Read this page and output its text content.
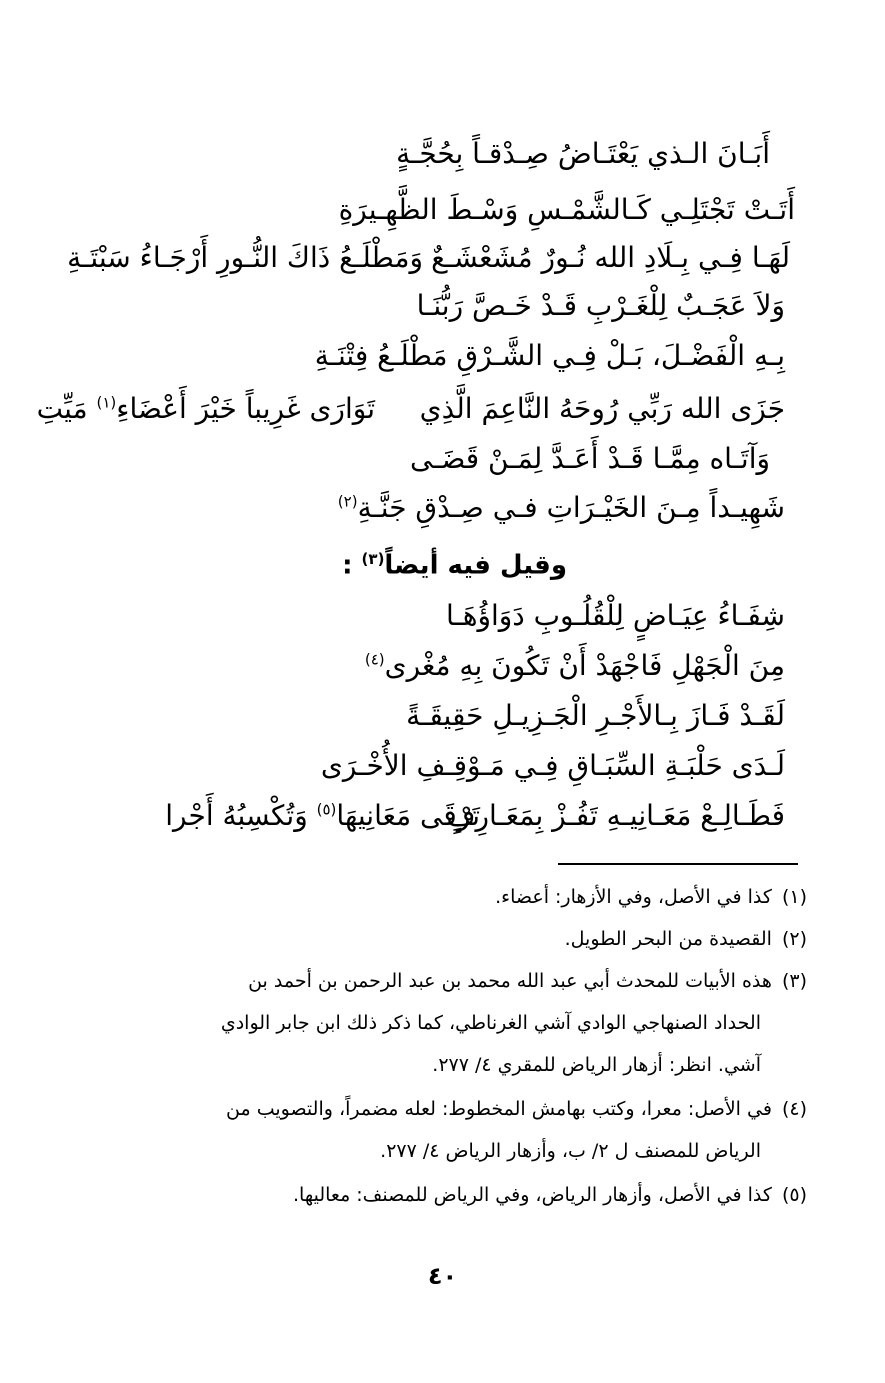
أَبَـانَ الـذي يَعْتَـاضُ صِـدْقـاً بِحُجَّـةٍ
أَتَـتْ تَجْتَلِـي كَـالشَّمْـسِ وَسْـطَ الظَّهِـيرَةِ
لَهَـا فِـي بِـلَادِ الله نُـورٌ مُشَعْشَـعٌ
وَمَطْلَـعُ ذَاكَ النُّـورِ أَرْجَـاءُ سَبْتَـةِ
وَلاَ عَجَـبٌ لِلْغَـرْبِ قَـدْ خَـصَّ رَبُّنَـا
بِـهِ الْفَضْـلَ، بَـلْ فِـي الشَّـرْقِ مَطْلَـعُ فِتْنَـةِ
جَزَى الله رَبِّي رُوحَهُ النَّاعِمَ الَّذِي
تَوَارَى غَرِيباً خَيْرَ أَعْضَاءِ$^{(١)}$ مَيِّتِ
وَآتَـاه مِمَّـا قَـدْ أَعَـدَّ لِمَـنْ قَضَـى
شَهِيـداً مِـنَ الخَيْـرَاتِ فـي صِـدْقِ جَنَّـةِ$^{(٢)}$
وقيل فيه أيضاً$^{(٣)}$ :
شِفَـاءُ عِيَـاضٍ لِلْقُلُـوبِ دَوَاؤُهَـا
مِنَ الْجَهْلِ فَاجْهَدْ أَنْ تَكُونَ بِهِ مُغْرى$^{(٤)}$
لَقَـدْ فَـازَ بِـالأَجْـرِ الْجَـزِيـلِ حَقِيقَـةً
لَـدَى حَلْبَـةِ السِّبَـاقِ فِـي مَـوْقِـفِ الأُخْـرَى
فَطَـالِـعْ مَعَـانِيـهِ تَفُـزْ بِمَعَـارِفٍ
تَرْقَى مَعَانِيهَا$^{(٥)}$ وَتُكْسِبُهُ أَجْرا
(١)كذا في الأصل، وفي الأزهار: أعضاء.
(٢)القصيدة من البحر الطويل.
(٣)هذه الأبيات للمحدث أبي عبد الله محمد بن عبد الرحمن بن أحمد بن
الحداد الصنهاجي الوادي آشي الغرناطي، كما ذكر ذلك ابن جابر الوادي
آشي. انظر: أزهار الرياض للمقري ٤/ ٢٧٧.
(٤)في الأصل: معرا، وكتب بهامش المخطوط: لعله مضمراً، والتصويب من
الرياض للمصنف ل ٢/ ب، وأزهار الرياض ٤/ ٢٧٧.
(٥)كذا في الأصل، وأزهار الرياض، وفي الرياض للمصنف: معاليها.
٤٠
